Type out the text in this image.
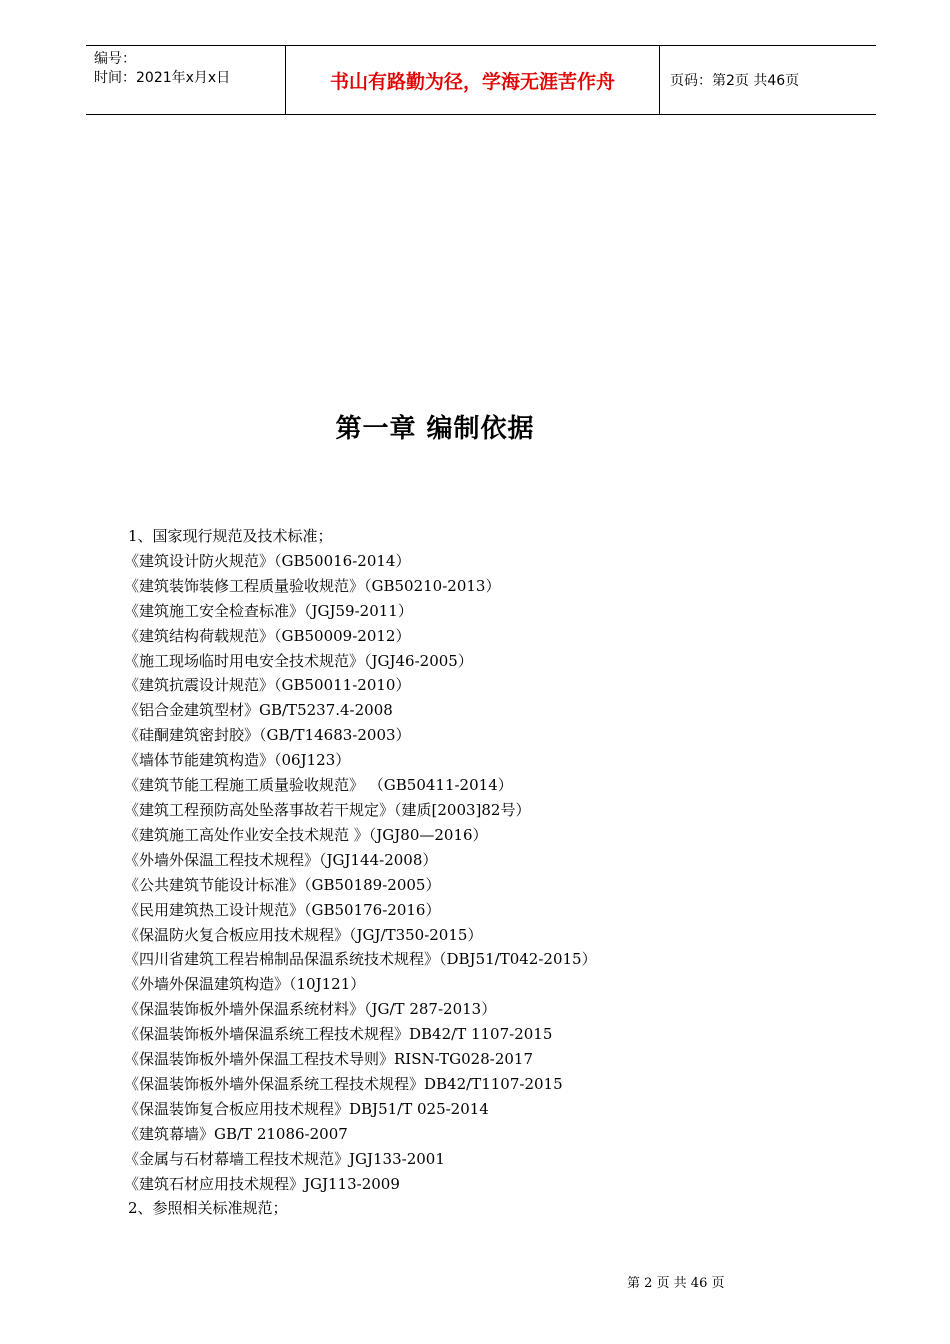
编号：
时间：2021年x月x日	书山有路勤为径，学海无涯苦作舟	页码：第2页 共46页
第一章 编制依据
1、国家现行规范及技术标准；
《建筑设计防火规范》（GB50016-2014）
《建筑装饰装修工程质量验收规范》（GB50210-2013）
《建筑施工安全检查标准》（JGJ59-2011）
《建筑结构荷载规范》（GB50009-2012）
《施工现场临时用电安全技术规范》（JGJ46-2005）
《建筑抗震设计规范》（GB50011-2010）
《铝合金建筑型材》GB/T5237.4-2008
《硅酮建筑密封胶》（GB/T14683-2003）
《墙体节能建筑构造》（06J123）
《建筑节能工程施工质量验收规范》 （GB50411-2014）
《建筑工程预防高处坠落事故若干规定》（建质[2003]82号）
《建筑施工高处作业安全技术规范 》（JGJ80—2016）
《外墙外保温工程技术规程》（JGJ144-2008）
《公共建筑节能设计标准》（GB50189-2005）
《民用建筑热工设计规范》（GB50176-2016）
《保温防火复合板应用技术规程》（JGJ/T350-2015）
《四川省建筑工程岩棉制品保温系统技术规程》（DBJ51/T042-2015）
《外墙外保温建筑构造》（10J121）
《保温装饰板外墙外保温系统材料》（JG/T 287-2013）
《保温装饰板外墙保温系统工程技术规程》DB42/T 1107-2015
《保温装饰板外墙外保温工程技术导则》RISN-TG028-2017
《保温装饰板外墙外保温系统工程技术规程》DB42/T1107-2015
《保温装饰复合板应用技术规程》DBJ51/T 025-2014
《建筑幕墙》GB/T 21086-2007
《金属与石材幕墙工程技术规范》JGJ133-2001
《建筑石材应用技术规程》JGJ113-2009
2、参照相关标准规范；
第 2 页 共 46 页
